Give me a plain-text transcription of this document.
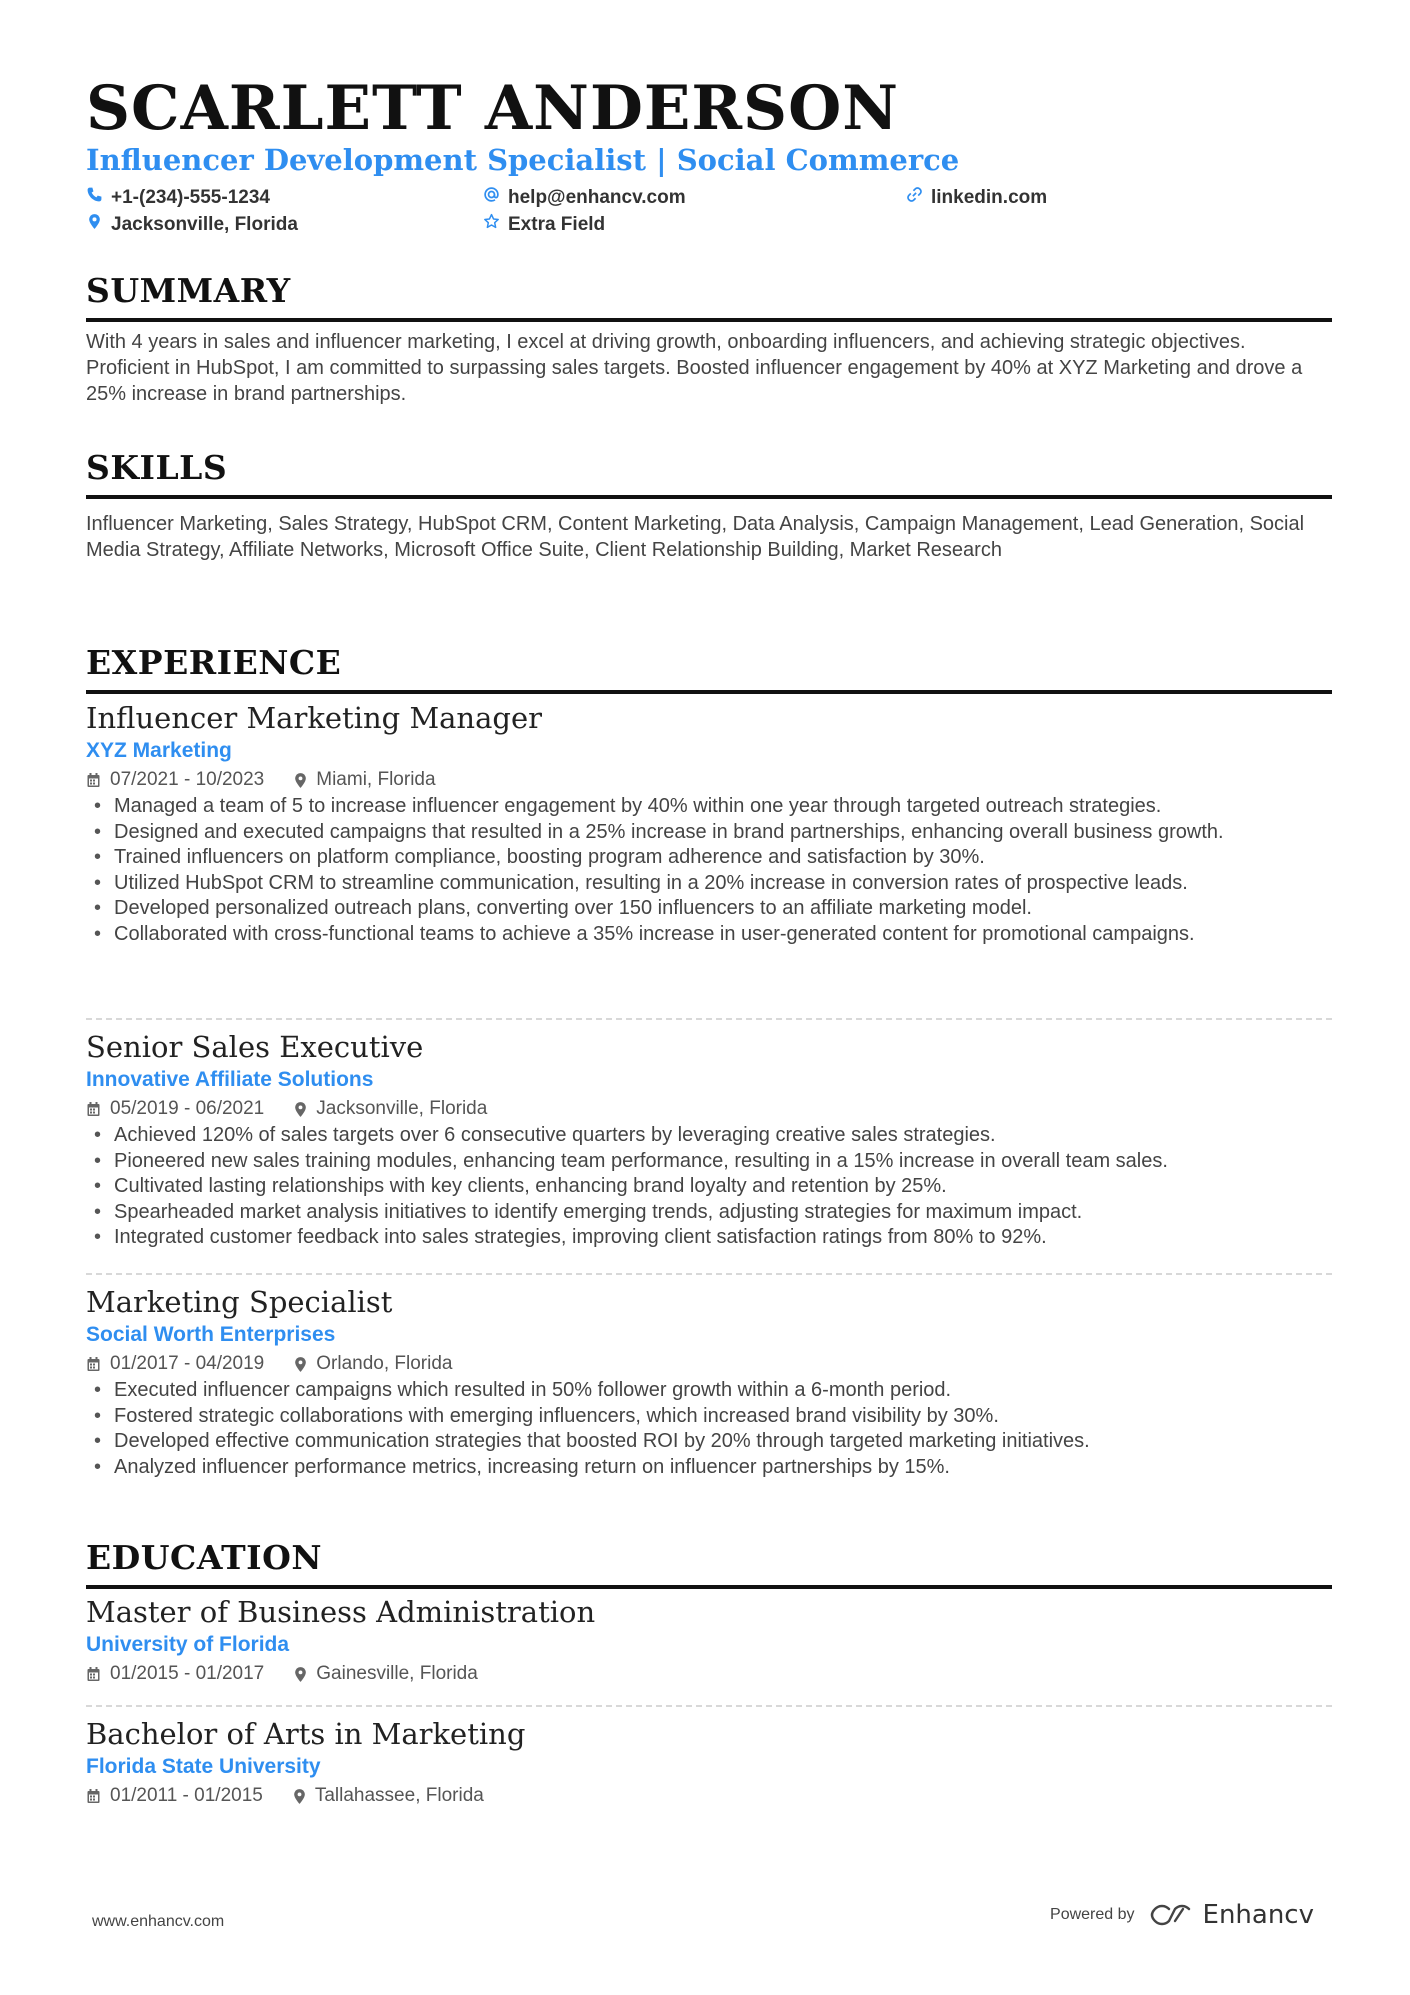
SCARLETT ANDERSON
Influencer Development Specialist | Social Commerce
+1-(234)-555-1234	help@enhancv.com	linkedin.com
Jacksonville, Florida	Extra Field
SUMMARY

With 4 years in sales and influencer marketing, I excel at driving growth, onboarding influencers, and achieving strategic objectives. Proficient in HubSpot, I am committed to surpassing sales targets. Boosted influencer engagement by 40% at XYZ Marketing and drove a 25% increase in brand partnerships.

SKILLS

Influencer Marketing, Sales Strategy, HubSpot CRM, Content Marketing, Data Analysis, Campaign Management, Lead Generation, Social Media Strategy, Affiliate Networks, Microsoft Office Suite, Client Relationship Building, Market Research

EXPERIENCE
Influencer Marketing Manager
XYZ Marketing
07/2021 - 10/2023	Miami, Florida
• Managed a team of 5 to increase influencer engagement by 40% within one year through targeted outreach strategies.
• Designed and executed campaigns that resulted in a 25% increase in brand partnerships, enhancing overall business growth.
• Trained influencers on platform compliance, boosting program adherence and satisfaction by 30%.
• Utilized HubSpot CRM to streamline communication, resulting in a 20% increase in conversion rates of prospective leads.
• Developed personalized outreach plans, converting over 150 influencers to an affiliate marketing model.
• Collaborated with cross-functional teams to achieve a 35% increase in user-generated content for promotional campaigns.
Senior Sales Executive
Innovative Affiliate Solutions
05/2019 - 06/2021	Jacksonville, Florida
• Achieved 120% of sales targets over 6 consecutive quarters by leveraging creative sales strategies.
• Pioneered new sales training modules, enhancing team performance, resulting in a 15% increase in overall team sales.
• Cultivated lasting relationships with key clients, enhancing brand loyalty and retention by 25%.
• Spearheaded market analysis initiatives to identify emerging trends, adjusting strategies for maximum impact.
• Integrated customer feedback into sales strategies, improving client satisfaction ratings from 80% to 92%.
Marketing Specialist
Social Worth Enterprises
01/2017 - 04/2019	Orlando, Florida
• Executed influencer campaigns which resulted in 50% follower growth within a 6-month period.
• Fostered strategic collaborations with emerging influencers, which increased brand visibility by 30%.
• Developed effective communication strategies that boosted ROI by 20% through targeted marketing initiatives.
• Analyzed influencer performance metrics, increasing return on influencer partnerships by 15%.
EDUCATION
Master of Business Administration
University of Florida
01/2015 - 01/2017	Gainesville, Florida
Bachelor of Arts in Marketing
Florida State University
01/2011 - 01/2015	Tallahassee, Florida
www.enhancv.com	Powered by	Enhancv
